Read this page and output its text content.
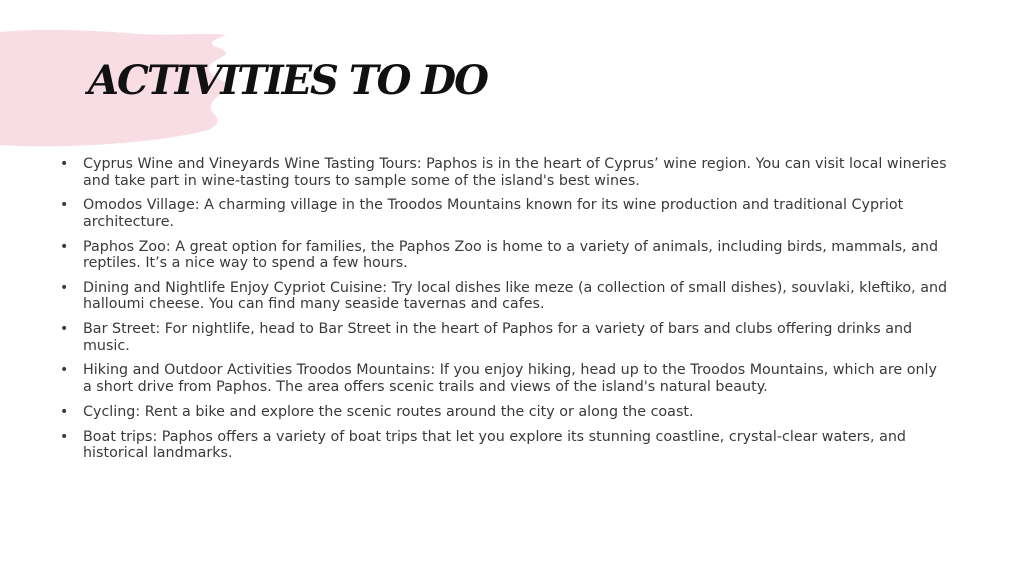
ACTIVITIES TO DO
• Cyprus Wine and Vineyards Wine Tasting Tours: Paphos is in the heart of Cyprus’ wine region. You can visit local wineries and take part in wine-tasting tours to sample some of the island's best wines.
• Omodos Village: A charming village in the Troodos Mountains known for its wine production and traditional Cypriot architecture.
• Paphos Zoo: A great option for families, the Paphos Zoo is home to a variety of animals, including birds, mammals, and reptiles. It’s a nice way to spend a few hours.
• Dining and Nightlife Enjoy Cypriot Cuisine: Try local dishes like meze (a collection of small dishes), souvlaki, kleftiko, and halloumi cheese. You can find many seaside tavernas and cafes.
• Bar Street: For nightlife, head to Bar Street in the heart of Paphos for a variety of bars and clubs offering drinks and music.
• Hiking and Outdoor Activities Troodos Mountains: If you enjoy hiking, head up to the Troodos Mountains, which are only a short drive from Paphos. The area offers scenic trails and views of the island's natural beauty.
• Cycling: Rent a bike and explore the scenic routes around the city or along the coast.
• Boat trips: Paphos offers a variety of boat trips that let you explore its stunning coastline, crystal-clear waters, and historical landmarks.
